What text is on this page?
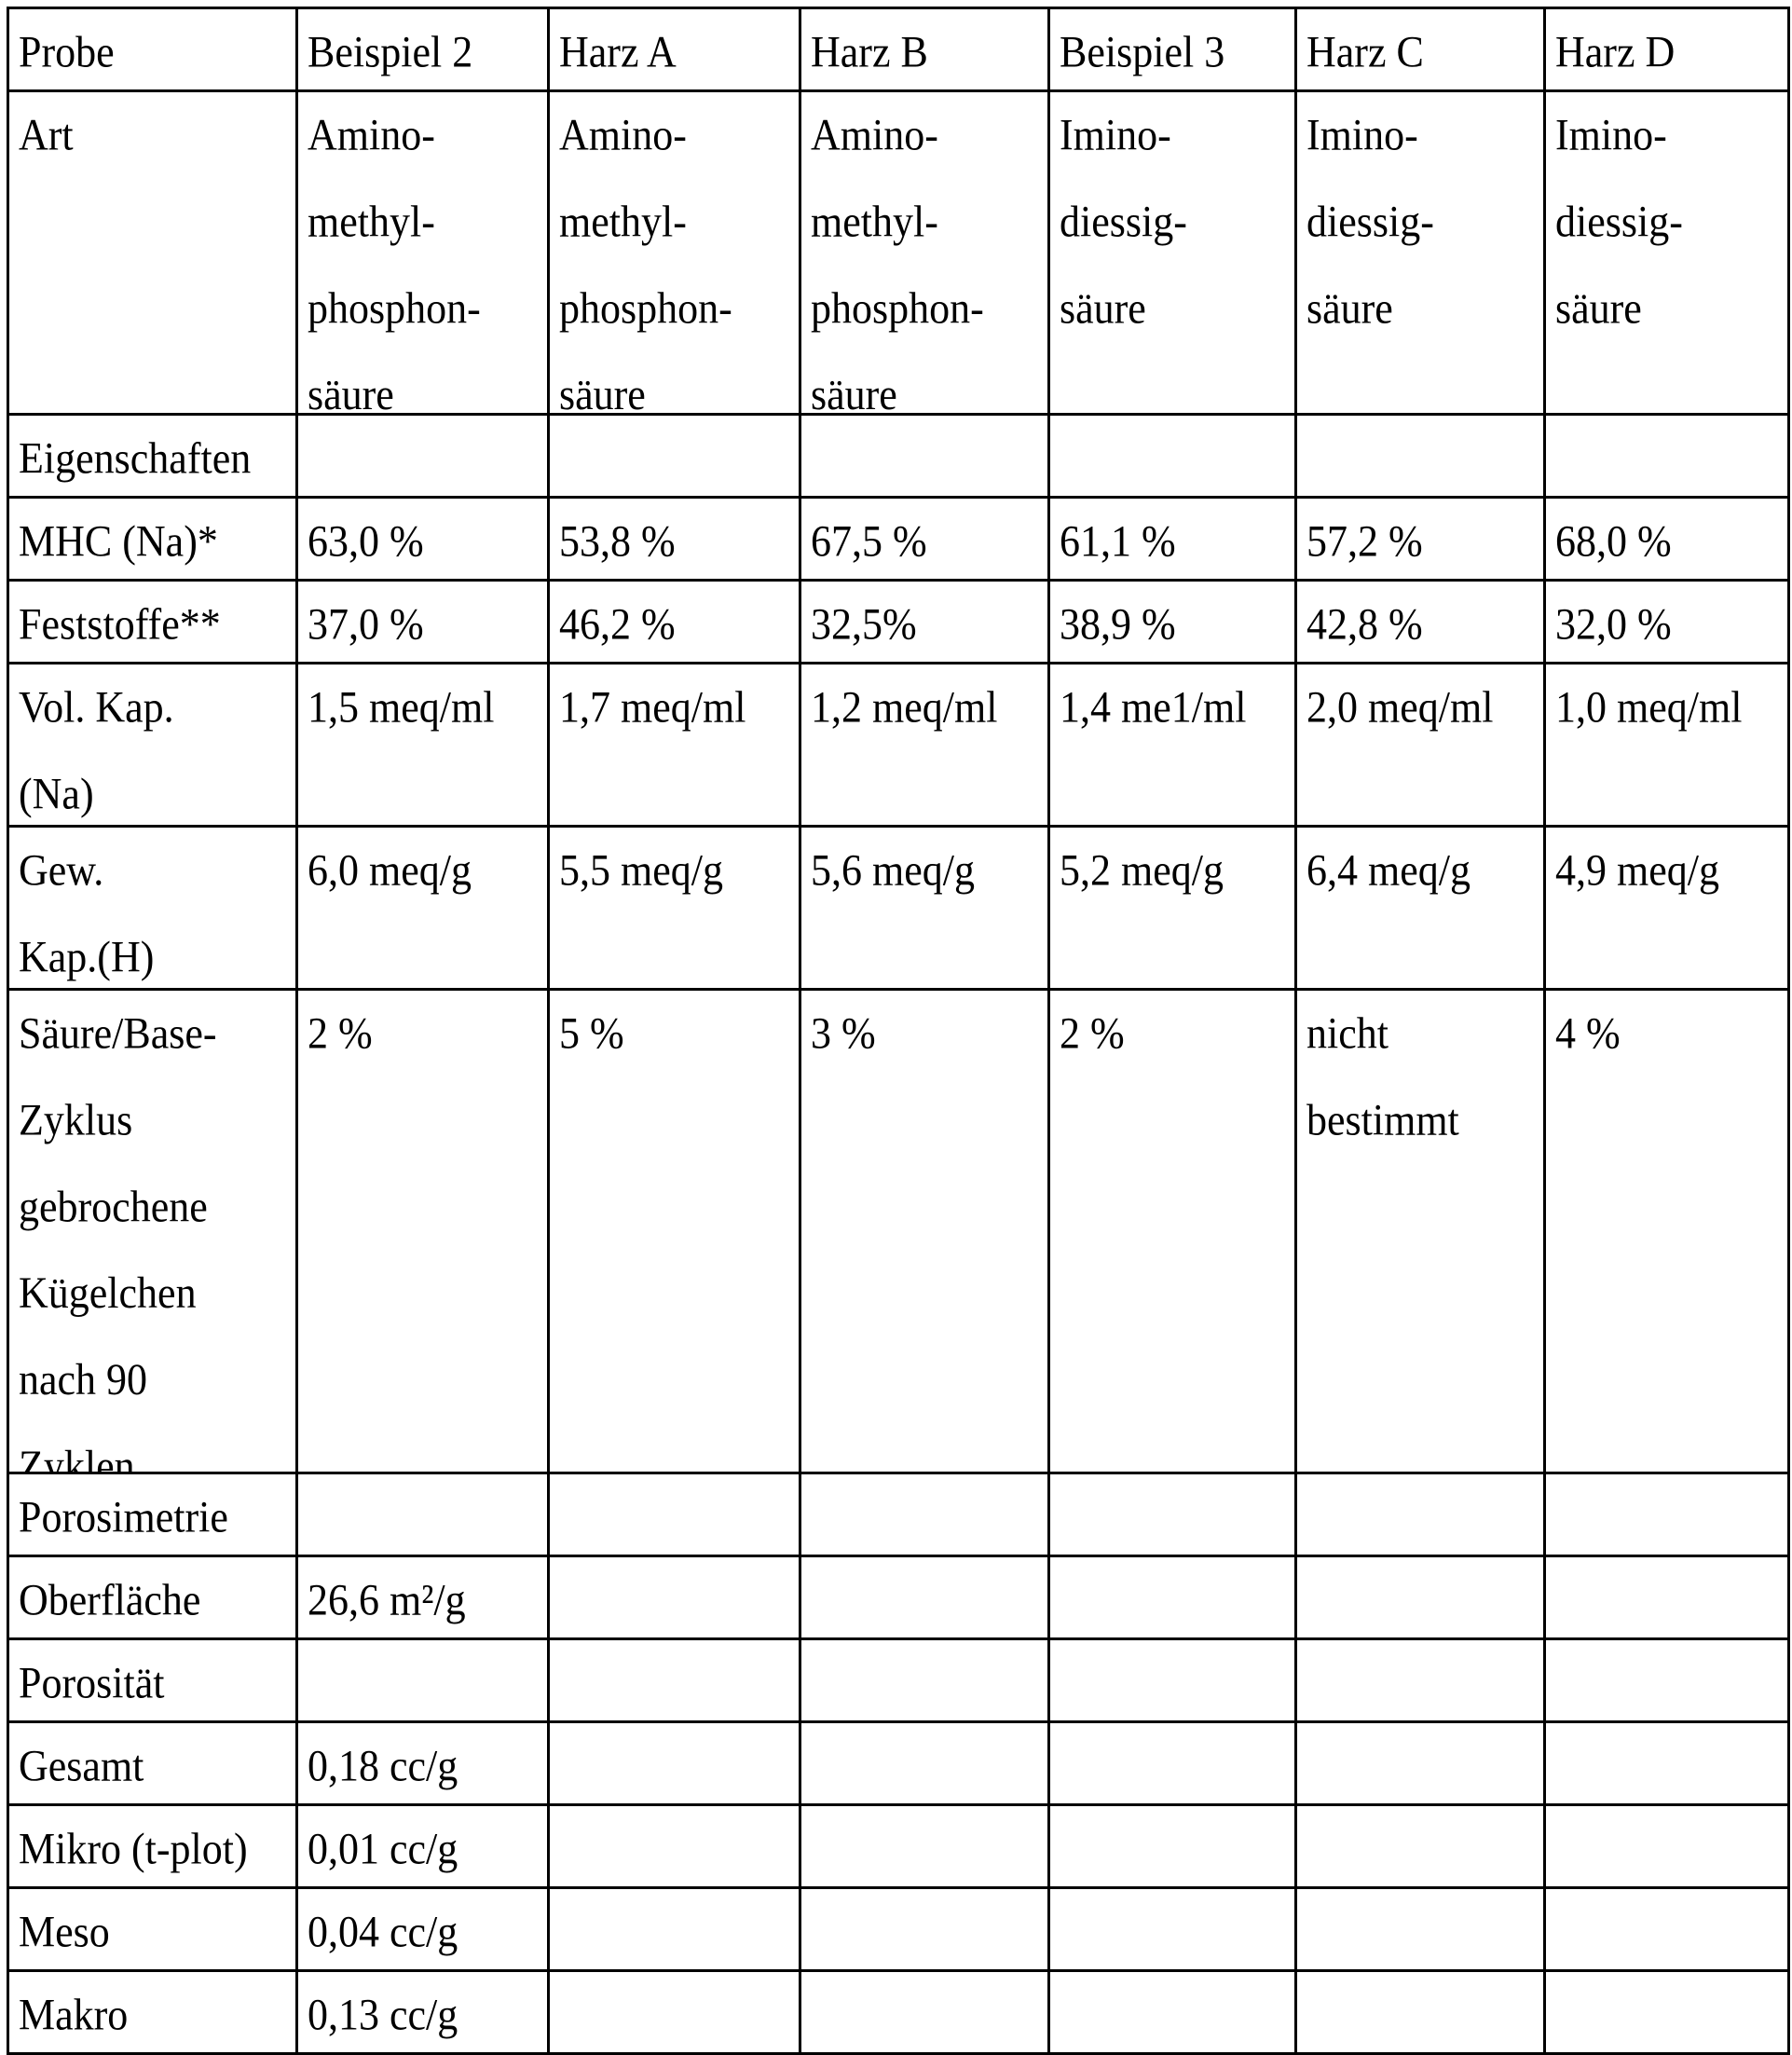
Probe	Beispiel 2	Harz A	Harz B	Beispiel 3	Harz C	Harz D
Art	Amino-
methyl-
phosphon-
säure	Amino-
methyl-
phosphon-
säure	Amino-
methyl-
phosphon-
säure	Imino-
diessig-
säure	Imino-
diessig-
säure	Imino-
diessig-
säure
Eigenschaften						
MHC (Na)*	63,0 %	53,8 %	67,5 %	61,1 %	57,2 %	68,0 %
Feststoffe**	37,0 %	46,2 %	32,5%	38,9 %	42,8 %	32,0 %
Vol. Kap.
(Na)	1,5 meq/ml	1,7 meq/ml	1,2 meq/ml	1,4 me1/ml	2,0 meq/ml	1,0 meq/ml
Gew.
Kap.(H)	6,0 meq/g	5,5 meq/g	5,6 meq/g	5,2 meq/g	6,4 meq/g	4,9 meq/g
Säure/Base-
Zyklus
gebrochene
Kügelchen
nach 90
Zyklen	2 %	5 %	3 %	2 %	nicht
bestimmt	4 %
Porosimetrie						
Oberfläche	26,6 m²/g					
Porosität						
Gesamt	0,18 cc/g					
Mikro (t-plot)	0,01 cc/g					
Meso	0,04 cc/g					
Makro	0,13 cc/g					
